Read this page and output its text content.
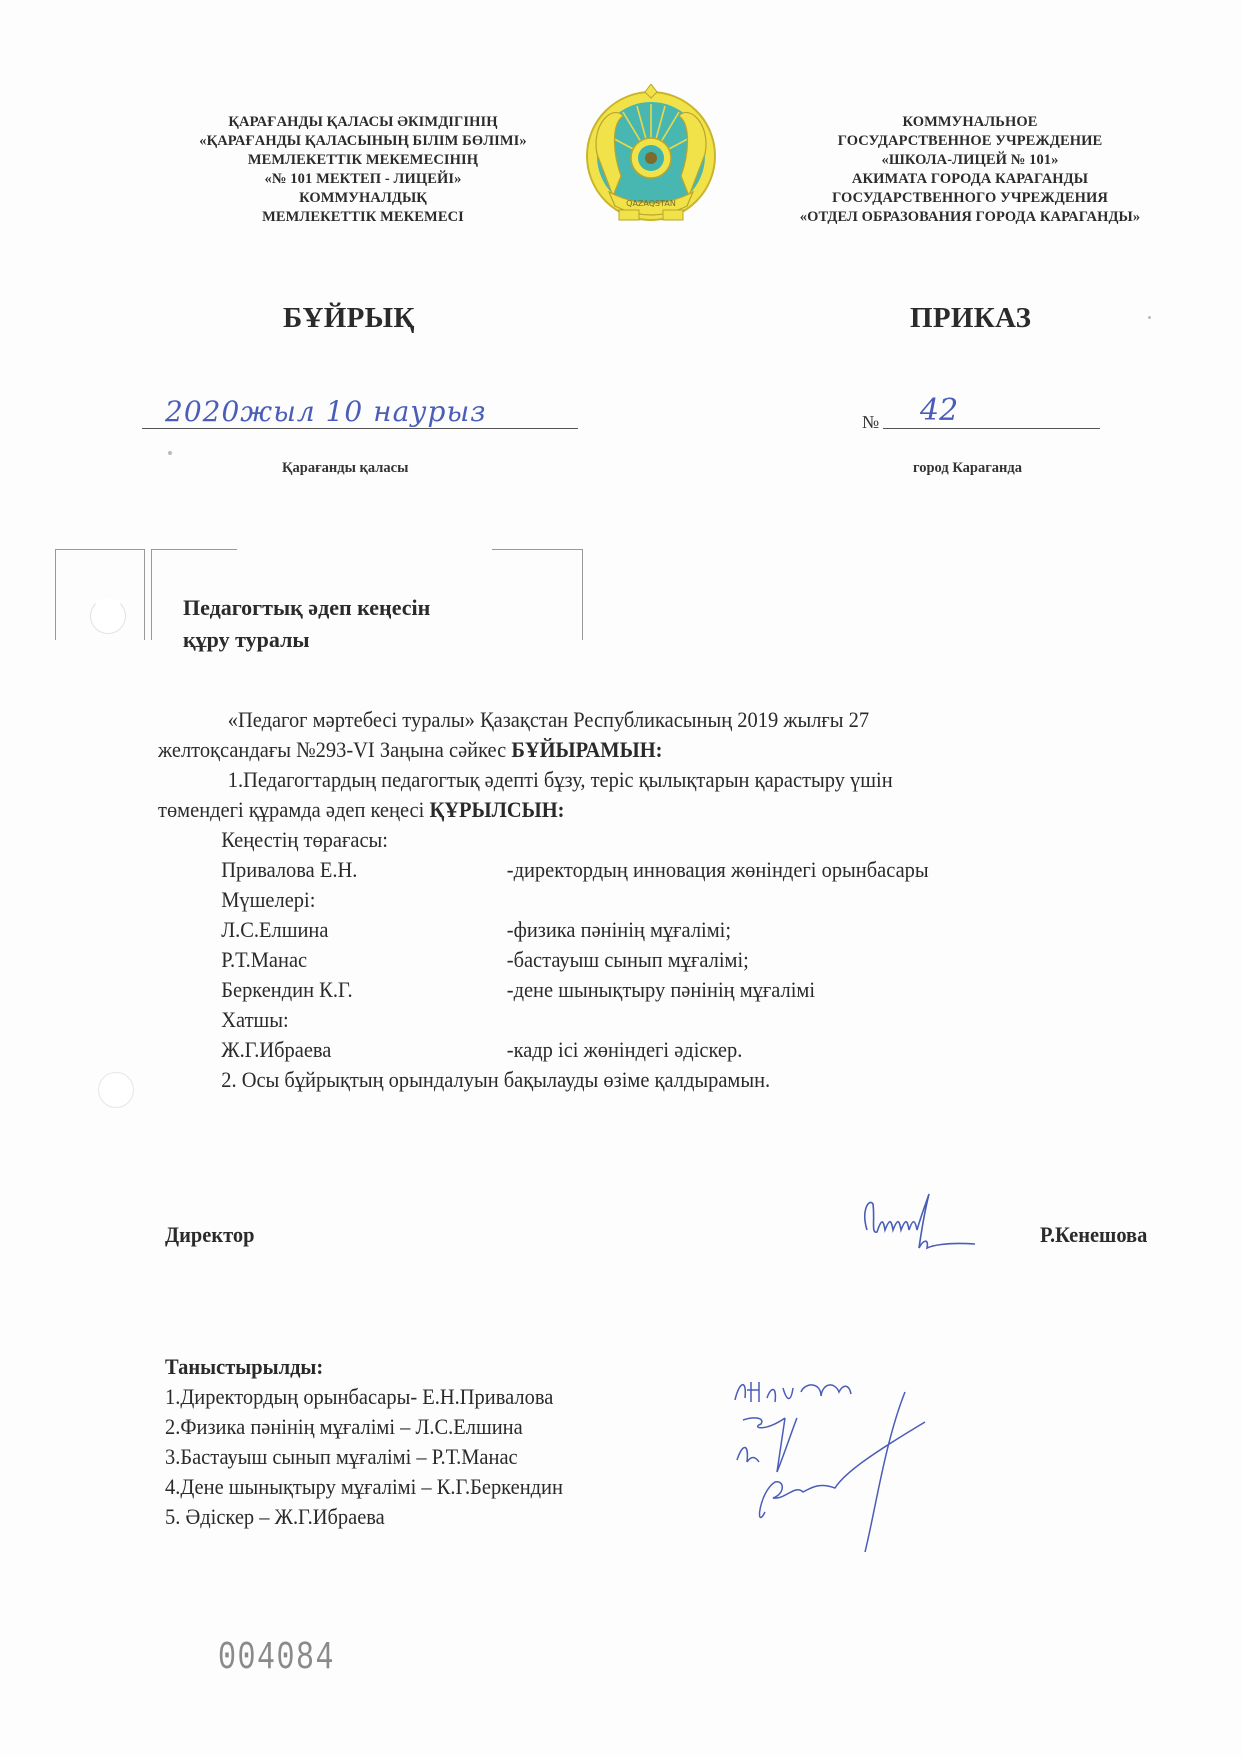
ҚАРАҒАНДЫ ҚАЛАСЫ ӘКІМДІГІНІҢ
«ҚАРАҒАНДЫ ҚАЛАСЫНЫҢ БІЛІМ БӨЛІМІ»
МЕМЛЕКЕТТІК МЕКЕМЕСІНІҢ
«№ 101 МЕКТЕП - ЛИЦЕЙІ»
КОММУНАЛДЫҚ
МЕМЛЕКЕТТІК МЕКЕМЕСІ
QAZAQSTAN
КОММУНАЛЬНОЕ
ГОСУДАРСТВЕННОЕ УЧРЕЖДЕНИЕ
«ШКОЛА-ЛИЦЕЙ № 101»
АКИМАТА ГОРОДА КАРАГАНДЫ
ГОСУДАРСТВЕННОГО УЧРЕЖДЕНИЯ
«ОТДЕЛ ОБРАЗОВАНИЯ ГОРОДА КАРАГАНДЫ»
БҰЙРЫҚ	ПРИКАЗ
2020жыл 10 наурыз	№ 42
Қарағанды қаласы	город Караганда
Педагогтық әдеп кеңесін
құру туралы
«Педагог мәртебесі туралы» Қазақстан Республикасының 2019 жылғы 27
желтоқсандағы №293-VI Заңына сәйкес БҰЙЫРАМЫН:
1.Педагогтардың педагогтық әдепті бұзу, теріс қылықтарын қарастыру үшін
төмендегі құрамда әдеп кеңесі ҚҰРЫЛСЫН:
Кеңестің төрағасы:
Привалова Е.Н.	-директордың инновация жөніндегі орынбасары
Мүшелері:
Л.С.Елшина	-физика пәнінің мұғалімі;
Р.Т.Манас	-бастауыш сынып мұғалімі;
Беркендин К.Г.	-дене шынықтыру пәнінің мұғалімі
Хатшы:
Ж.Г.Ибраева	-кадр ісі жөніндегі әдіскер.
2. Осы бұйрықтың орындалуын бақылауды өзіме қалдырамын.
Директор	Р.Кенешова
Таныстырылды:
1.Директордың орынбасары- Е.Н.Привалова
2.Физика пәнінің мұғалімі – Л.С.Елшина
3.Бастауыш сынып мұғалімі – Р.Т.Манас
4.Дене шынықтыру мұғалімі – К.Г.Беркендин
5. Әдіскер – Ж.Г.Ибраева
004084
